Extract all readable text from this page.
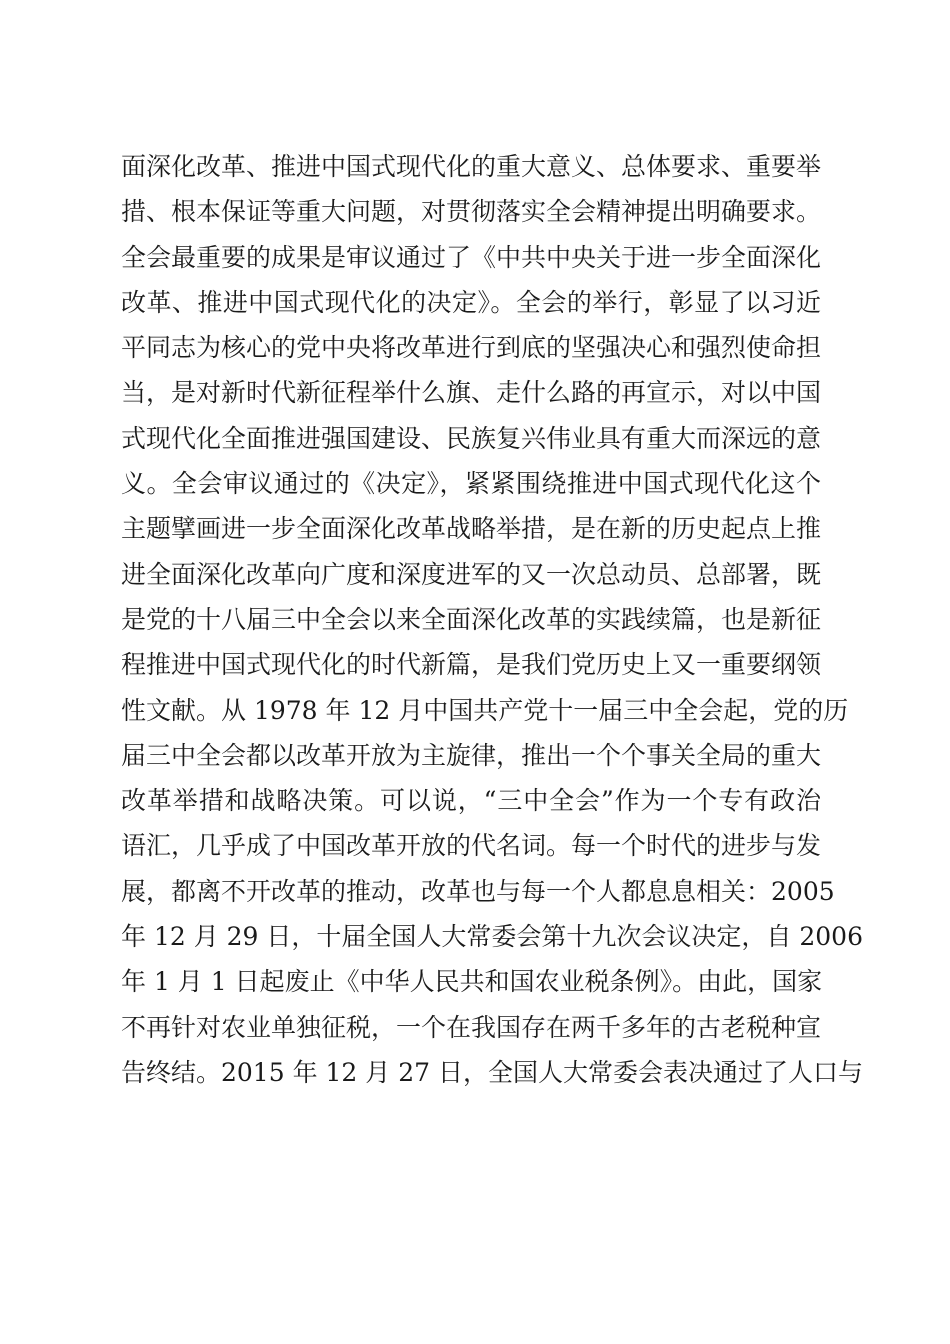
面深化改革、推进中国式现代化的重大意义、总体要求、重要举
措、根本保证等重大问题，对贯彻落实全会精神提出明确要求。
全会最重要的成果是审议通过了《中共中央关于进一步全面深化
改革、推进中国式现代化的决定》。全会的举行，彰显了以习近
平同志为核心的党中央将改革进行到底的坚强决心和强烈使命担
当，是对新时代新征程举什么旗、走什么路的再宣示，对以中国
式现代化全面推进强国建设、民族复兴伟业具有重大而深远的意
义。全会审议通过的《决定》，紧紧围绕推进中国式现代化这个
主题擘画进一步全面深化改革战略举措，是在新的历史起点上推
进全面深化改革向广度和深度进军的又一次总动员、总部署，既
是党的十八届三中全会以来全面深化改革的实践续篇，也是新征
程推进中国式现代化的时代新篇，是我们党历史上又一重要纲领
性文献。从 1978 年 12 月中国共产党十一届三中全会起，党的历
届三中全会都以改革开放为主旋律，推出一个个事关全局的重大
改革举措和战略决策。可以说，“三中全会”作为一个专有政治
语汇，几乎成了中国改革开放的代名词。每一个时代的进步与发
展，都离不开改革的推动，改革也与每一个人都息息相关：2005
年 12 月 29 日，十届全国人大常委会第十九次会议决定，自 2006
年 1 月 1 日起废止《中华人民共和国农业税条例》。由此，国家
不再针对农业单独征税，一个在我国存在两千多年的古老税种宣
告终结。2015 年 12 月 27 日，全国人大常委会表决通过了人口与
